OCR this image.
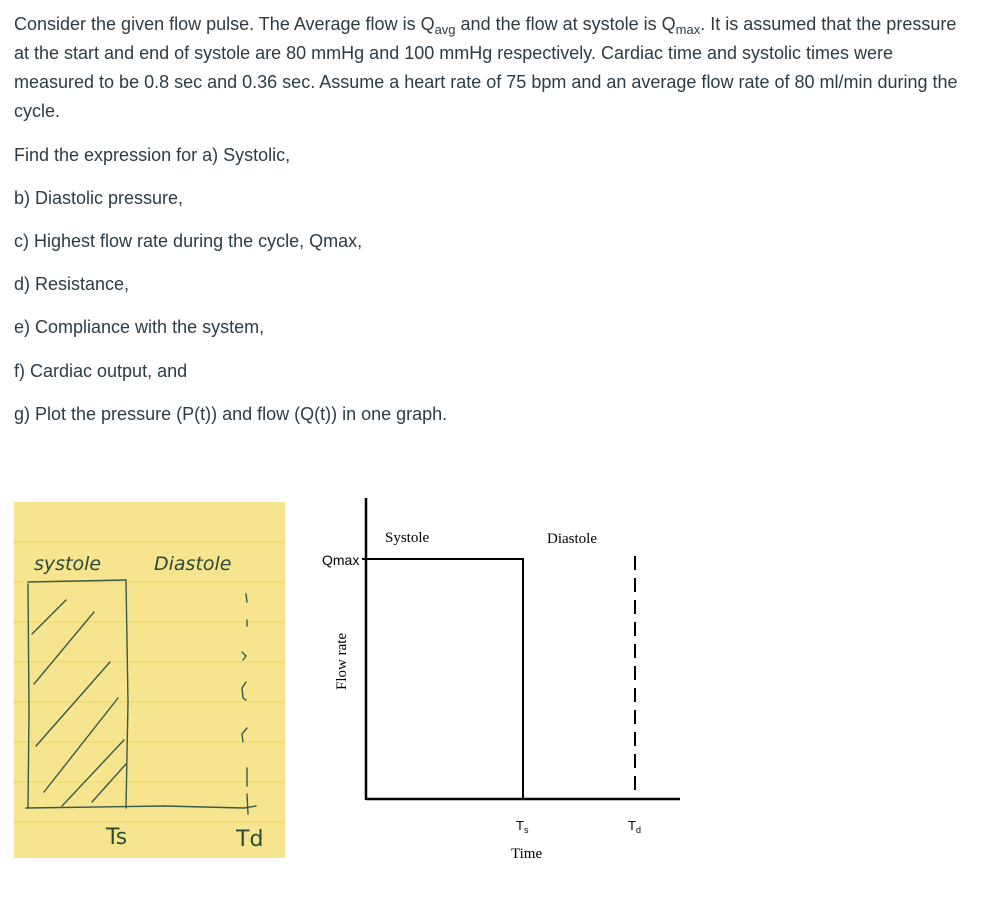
Consider the given flow pulse. The Average flow is $Q_{avg}$ and the flow at systole is $Q_{max}$. It is assumed that the pressure at the start and end of systole are 80 mmHg and 100 mmHg respectively. Cardiac time and systolic times were measured to be 0.8 sec and 0.36 sec. Assume a heart rate of 75 bpm and an average flow rate of 80 ml/min during the cycle.

Find the expression for a) Systolic,

b) Diastolic pressure,

c) Highest flow rate during the cycle, Qmax,

d) Resistance,

e) Compliance with the system,

f) Cardiac output, and

g) Plot the pressure (P(t)) and flow (Q(t)) in one graph.

systole	Diastole
Ts	Td
Systole	Diastole
Qmax
Flow rate
$T_s$	$T_d$
Time
